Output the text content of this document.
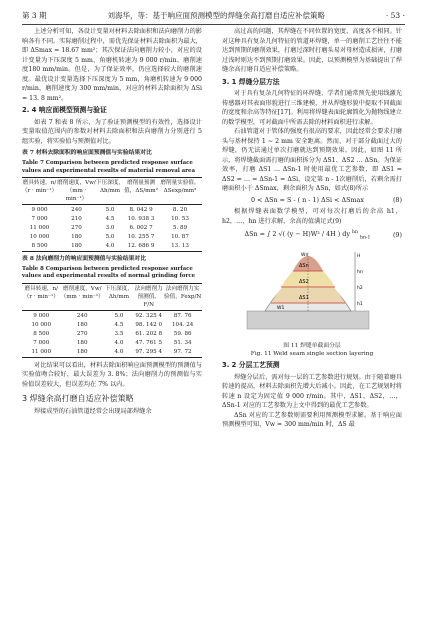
第 3 期	刘海华，等：基于响应面预测模型的焊缝余高打磨自适应补偿策略	· 53 ·

上述分析可知，各设计变量对材料去除面积和法向磨削力的影响各有不同。实际磨削过程中，需优先保证材料去除面积为最大，即 ΔSmax = 18.67 mm²；其次保证法向磨削力较小，对应的设计变量为下压深度 5 mm、角磨机转速为 9 000 r/min、磨削速度180 mm/min。但是，为了保证效率，仍应选择较大的磨削速度。最优设计变量选择下压深度为 5 mm，角磨机转速为 9 000 r/min，磨削速度为 300 mm/min，对应的材料去除面积为 ΔSi = 13. 8 mm²。

2. 4 响应面模型预测与验证

如表 7 和表 8 所示，为了验证预测模型的有效性，选择设计变量取值范围内的参数对材料去除面积和法向磨削力分别进行 5 组实验，将实验值与预测值对比。

表 7 材料去除面积的响应面预测值与实验结果对比
Table 7 Comparison between predicted response surface values and experimental results of material removal area
磨具转速，n/（r · min⁻¹）	磨削速度，Vw/（mm · min⁻¹）	下压深度，Δh/mm	磨削量预测值，ΔS/mm²	磨削量实验值，ΔSexp/mm²
9 000	240	5.0	8. 042 9	8. 20
7 000	210	4.5	10. 938 3	10. 53
11 000	270	3.0	6. 002 7	5. 89
10 000	180	5.0	10. 255 7	10. 87
8 500	180	4.0	12. 686 9	13. 13
表 8 法向磨削力的响应面预测值与实验结果对比
Table 8 Comparison between predicted response surface values and experimental results of normal grinding force
磨具转速，n/（r · min⁻¹）	磨削速度，Vw/（mm · min⁻¹）	下压深度，Δh/mm	法向磨削力预测值，F/N	法向磨削力实验值，Fexp/N
9 000	240	5.0	92. 325 4	87. 76
10 000	180	4.5	98. 142 0	104. 24
8 500	270	3.5	61. 202 8	59. 86
7 000	180	4.0	47. 761 5	51. 34
11 000	180	4.0	97. 295 4	97. 72

对比结果可以看出，材料去除面积响应面预测模型的预测值与实验值吻合较好，最大误差为 3. 8%；法向磨削力的预测值与实验值误差较大，但误差均在 7% 以内。

3 焊缝余高打磨自适应补偿策略

焊接成型的石油管道经常会出现局部焊缝余

高过高的问题，其焊缝在不同位置的宽度、高度各不相同。针对这种具有复杂几何特征的管道环焊缝，单一的磨削工艺往往不能达到预期的磨削效果，打磨过深时打磨头易对母材造成损害，打磨过浅时则达不到预期打磨效果。因此，以预测模型为基础提出了焊缝余高打磨自适应补偿策略。

3. 1 焊缝分层方法

对于具有复杂几何特征的环焊缝，学者们通常预先使用线激光传感器对其表面形貌进行三维建模，并从焊缝形貌中提取不同截面的宽度和余高等特征[17]。利用将焊缝表面轮廓简化为抛物线建立的数学模型，可对截面中所需去除的材料面积进行求解。

石油管道对于管体的强度有很高的要求，因此经常会要求打磨头与基材保持 1 ~ 2 mm 安全距离。然而，对于部分截面过大的焊缝，仍无法通过单次打磨就达到预期效果。因此，如图 11 所示，将焊缝截面需打磨的面积拆分为 ΔS1、ΔS2 … ΔSn。为保证效率，打磨 ΔS1 … ΔSn-1 时使用最优工艺参数，即 ΔS1 = ΔS2 = … = ΔSn-1 = ΔSi，设定第 n - 1次磨削后，若剩余需打磨面积小于 ΔSmax，剩余面积为 ΔSn，如式(8)所示

0 < ΔSn = S - ( n - 1) ΔSi < ΔSmax	(8)

根据焊缝表面数学模型，可对每次打磨后的余高 h1，h2，…，hn 进行求解，余高的值满足式(9)

ΔSn = ∫ 2 √( (y − H)W² / 4H ) dy $^{hn}$ $_{hn-1}$	(9)
ΔS1
ΔS2
ΔSn
Wn
W1
h1
h2
hn
H
图 11 焊缝单截面分层
Fig. 11 Weld seam single section layering
3. 2 分层工艺预测

焊缝分层后，需对每一层的工艺参数进行规划。由于随着磨具转速的提高，材料去除面积先增大后减小。因此，在工艺规划时将转速 n 设定为固定值 9 000 r/min。其中，ΔS1，ΔS2，…，ΔSn-1 对应的工艺参数为上文中得到的最优工艺参数。

ΔSn 对应的工艺参数则需要利用预测模型求解。基于响应面预测模型可知，Vw = 300 mm/min 时，ΔS 最
